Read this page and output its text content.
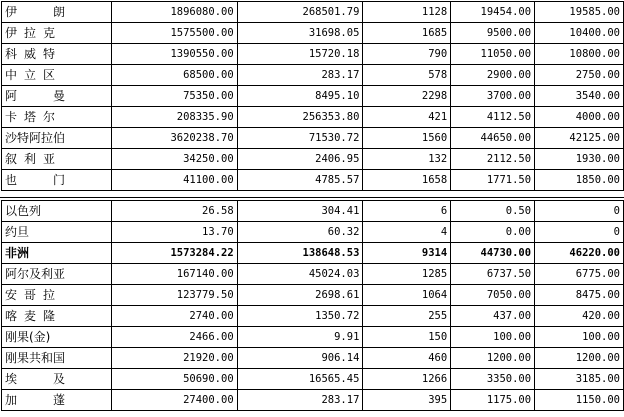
伊　朗	1896080.00	268501.79	1128	19454.00	19585.00
伊拉克	1575500.00	31698.05	1685	9500.00	10400.00
科威特	1390550.00	15720.18	790	11050.00	10800.00
中立区	68500.00	283.17	578	2900.00	2750.00
阿　曼	75350.00	8495.10	2298	3700.00	3540.00
卡塔尔	208335.90	256353.80	421	4112.50	4000.00
沙特阿拉伯	3620238.70	71530.72	1560	44650.00	42125.00
叙利亚	34250.00	2406.95	132	2112.50	1930.00
也　门	41100.00	4785.57	1658	1771.50	1850.00
以色列	26.58	304.41	6	0.50	0
约旦	13.70	60.32	4	0.00	0
非洲	1573284.22	138648.53	9314	44730.00	46220.00
阿尔及利亚	167140.00	45024.03	1285	6737.50	6775.00
安哥拉	123779.50	2698.61	1064	7050.00	8475.00
喀麦隆	2740.00	1350.72	255	437.00	420.00
刚果(金)	2466.00	9.91	150	100.00	100.00
刚果共和国	21920.00	906.14	460	1200.00	1200.00
埃　及	50690.00	16565.45	1266	3350.00	3185.00
加　蓬	27400.00	283.17	395	1175.00	1150.00
